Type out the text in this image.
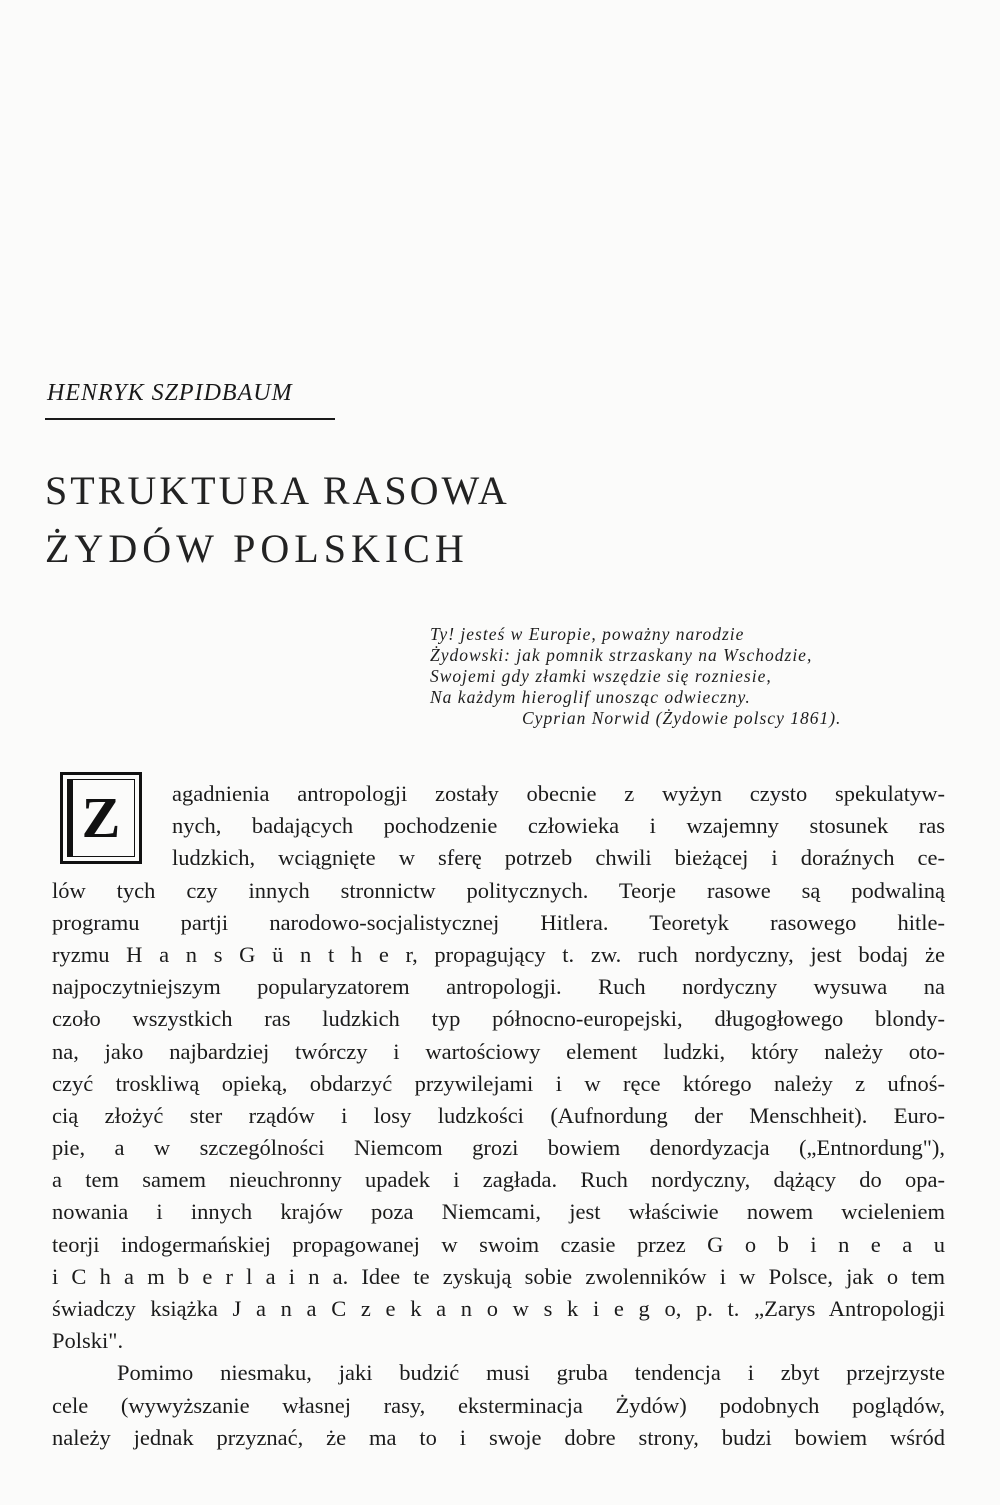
HENRYK SZPIDBAUM
STRUKTURA RASOWA
ŻYDÓW POLSKICH
Ty! jesteś w Europie, poważny narodzie
Żydowski: jak pomnik strzaskany na Wschodzie,
Swojemi gdy złamki wszędzie się rozniesie,
Na każdym hieroglif unosząc odwieczny.
Cyprian Norwid (Żydowie polscy 1861).
Z	agadnienia antropologji zostały obecnie z wyżyn czysto spekulatyw-
nych, badających pochodzenie człowieka i wzajemny stosunek ras
ludzkich, wciągnięte w sferę potrzeb chwili bieżącej i doraźnych ce-
lów tych czy innych stronnictw politycznych. Teorje rasowe są podwaliną
programu partji narodowo-socjalistycznej Hitlera. Teoretyk rasowego hitle-
ryzmu H a n s G ü n t h e r, propagujący t. zw. ruch nordyczny, jest bodaj że
najpoczytniejszym popularyzatorem antropologji. Ruch nordyczny wysuwa na
czoło wszystkich ras ludzkich typ północno-europejski, długogłowego blondy-
na, jako najbardziej twórczy i wartościowy element ludzki, który należy oto-
czyć troskliwą opieką, obdarzyć przywilejami i w ręce którego należy z ufnoś-
cią złożyć ster rządów i losy ludzkości (Aufnordung der Menschheit). Euro-
pie, a w szczególności Niemcom grozi bowiem denordyzacja („Entnordung"),
a tem samem nieuchronny upadek i zagłada. Ruch nordyczny, dążący do opa-
nowania i innych krajów poza Niemcami, jest właściwie nowem wcieleniem
teorji indogermańskiej propagowanej w swoim czasie przez G o b i n e a u
i C h a m b e r l a i n a. Idee te zyskują sobie zwolenników i w Polsce, jak o tem
świadczy książka J a n a C z e k a n o w s k i e g o, p. t. „Zarys Antropologji
Polski".
Pomimo niesmaku, jaki budzić musi gruba tendencja i zbyt przejrzyste
cele (wywyższanie własnej rasy, eksterminacja Żydów) podobnych poglądów,
należy jednak przyznać, że ma to i swoje dobre strony, budzi bowiem wśród
